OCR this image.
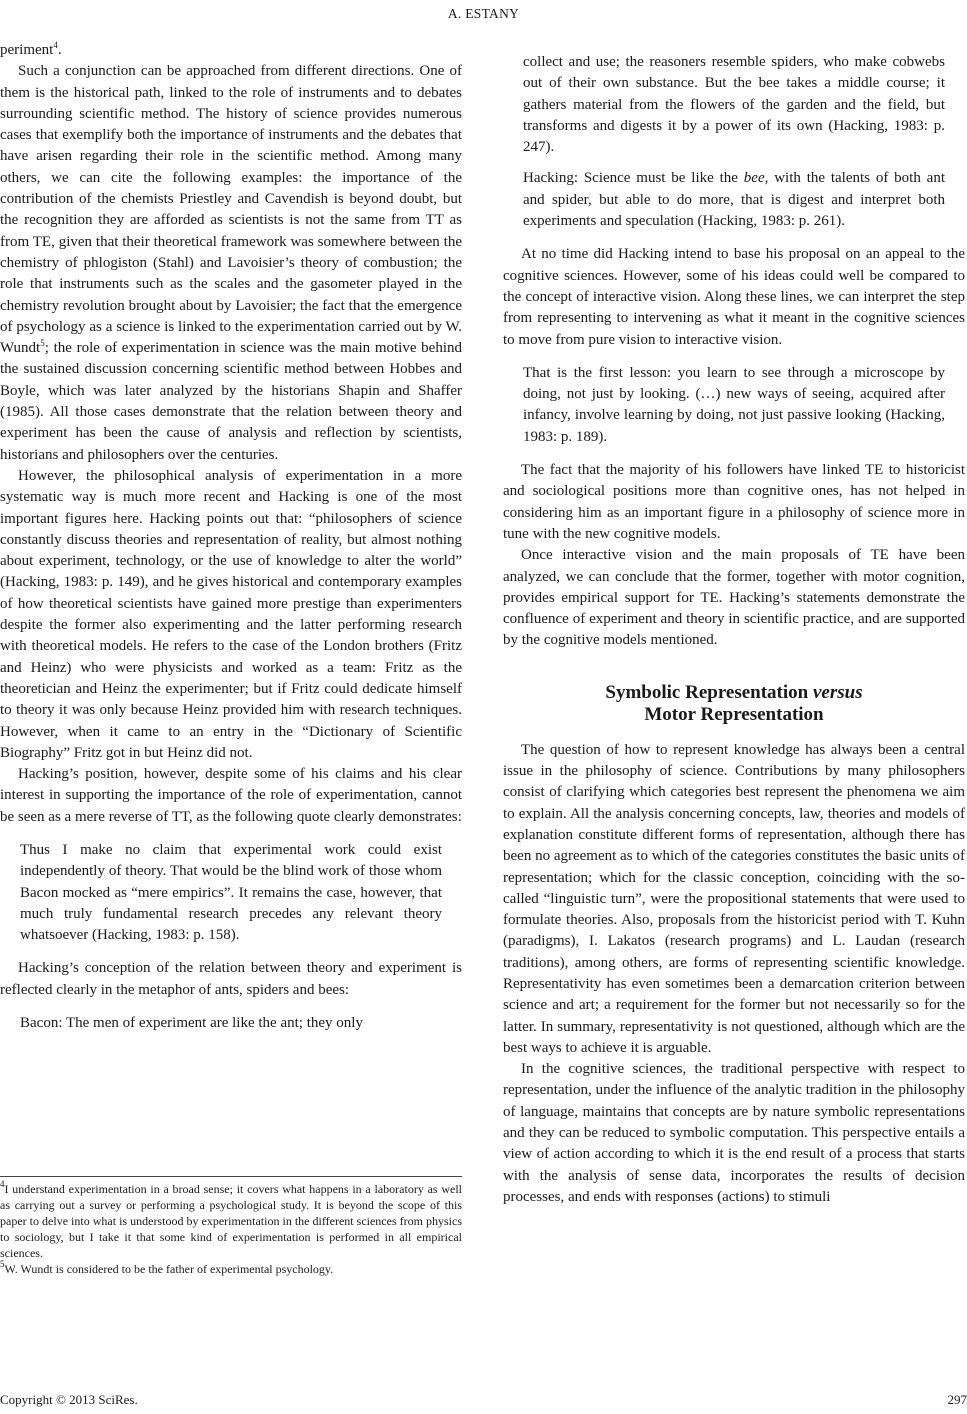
A. ESTANY

periment$^4$.

Such a conjunction can be approached from different directions. One of them is the historical path, linked to the role of instruments and to debates surrounding scientific method. The history of science provides numerous cases that exemplify both the importance of instruments and the debates that have arisen regarding their role in the scientific method. Among many others, we can cite the following examples: the importance of the contribution of the chemists Priestley and Cavendish is beyond doubt, but the recognition they are afforded as scientists is not the same from TT as from TE, given that their theoretical framework was somewhere between the chemistry of phlogiston (Stahl) and Lavoisier’s theory of combustion; the role that instruments such as the scales and the gasometer played in the chemistry revolution brought about by Lavoisier; the fact that the emergence of psychology as a science is linked to the experimentation carried out by W. Wundt$^5$; the role of experimentation in science was the main motive behind the sustained discussion concerning scientific method between Hobbes and Boyle, which was later analyzed by the historians Shapin and Shaffer (1985). All those cases demonstrate that the relation between theory and experiment has been the cause of analysis and reflection by scientists, historians and philosophers over the centuries.

However, the philosophical analysis of experimentation in a more systematic way is much more recent and Hacking is one of the most important figures here. Hacking points out that: “philosophers of science constantly discuss theories and representation of reality, but almost nothing about experiment, technology, or the use of knowledge to alter the world” (Hacking, 1983: p. 149), and he gives historical and contemporary examples of how theoretical scientists have gained more prestige than experimenters despite the former also experimenting and the latter performing research with theoretical models. He refers to the case of the London brothers (Fritz and Heinz) who were physicists and worked as a team: Fritz as the theoretician and Heinz the experimenter; but if Fritz could dedicate himself to theory it was only because Heinz provided him with research techniques. However, when it came to an entry in the “Dictionary of Scientific Biography” Fritz got in but Heinz did not.

Hacking’s position, however, despite some of his claims and his clear interest in supporting the importance of the role of experimentation, cannot be seen as a mere reverse of TT, as the following quote clearly demonstrates:

Thus I make no claim that experimental work could exist independently of theory. That would be the blind work of those whom Bacon mocked as “mere empirics”. It remains the case, however, that much truly fundamental research precedes any relevant theory whatsoever (Hacking, 1983: p. 158).

Hacking’s conception of the relation between theory and experiment is reflected clearly in the metaphor of ants, spiders and bees:

Bacon: The men of experiment are like the ant; they only

$^4$I understand experimentation in a broad sense; it covers what happens in a laboratory as well as carrying out a survey or performing a psychological study. It is beyond the scope of this paper to delve into what is understood by experimentation in the different sciences from physics to sociology, but I take it that some kind of experimentation is performed in all empirical sciences.

$^5$W. Wundt is considered to be the father of experimental psychology.

collect and use; the reasoners resemble spiders, who make cobwebs out of their own substance. But the bee takes a middle course; it gathers material from the flowers of the garden and the field, but transforms and digests it by a power of its own (Hacking, 1983: p. 247).
Hacking: Science must be like the bee, with the talents of both ant and spider, but able to do more, that is digest and interpret both experiments and speculation (Hacking, 1983: p. 261).

At no time did Hacking intend to base his proposal on an appeal to the cognitive sciences. However, some of his ideas could well be compared to the concept of interactive vision. Along these lines, we can interpret the step from representing to intervening as what it meant in the cognitive sciences to move from pure vision to interactive vision.

That is the first lesson: you learn to see through a microscope by doing, not just by looking. (…) new ways of seeing, acquired after infancy, involve learning by doing, not just passive looking (Hacking, 1983: p. 189).

The fact that the majority of his followers have linked TE to historicist and sociological positions more than cognitive ones, has not helped in considering him as an important figure in a philosophy of science more in tune with the new cognitive models.

Once interactive vision and the main proposals of TE have been analyzed, we can conclude that the former, together with motor cognition, provides empirical support for TE. Hacking’s statements demonstrate the confluence of experiment and theory in scientific practice, and are supported by the cognitive models mentioned.

Symbolic Representation versus
Motor Representation

The question of how to represent knowledge has always been a central issue in the philosophy of science. Contributions by many philosophers consist of clarifying which categories best represent the phenomena we aim to explain. All the analysis concerning concepts, law, theories and models of explanation constitute different forms of representation, although there has been no agreement as to which of the categories constitutes the basic units of representation; which for the classic conception, coinciding with the so-called “linguistic turn”, were the propositional statements that were used to formulate theories. Also, proposals from the historicist period with T. Kuhn (paradigms), I. Lakatos (research programs) and L. Laudan (research traditions), among others, are forms of representing scientific knowledge. Representativity has even sometimes been a demarcation criterion between science and art; a requirement for the former but not necessarily so for the latter. In summary, representativity is not questioned, although which are the best ways to achieve it is arguable.

In the cognitive sciences, the traditional perspective with respect to representation, under the influence of the analytic tradition in the philosophy of language, maintains that concepts are by nature symbolic representations and they can be reduced to symbolic computation. This perspective entails a view of action according to which it is the end result of a process that starts with the analysis of sense data, incorporates the results of decision processes, and ends with responses (actions) to stimuli

Copyright © 2013 SciRes.	297
